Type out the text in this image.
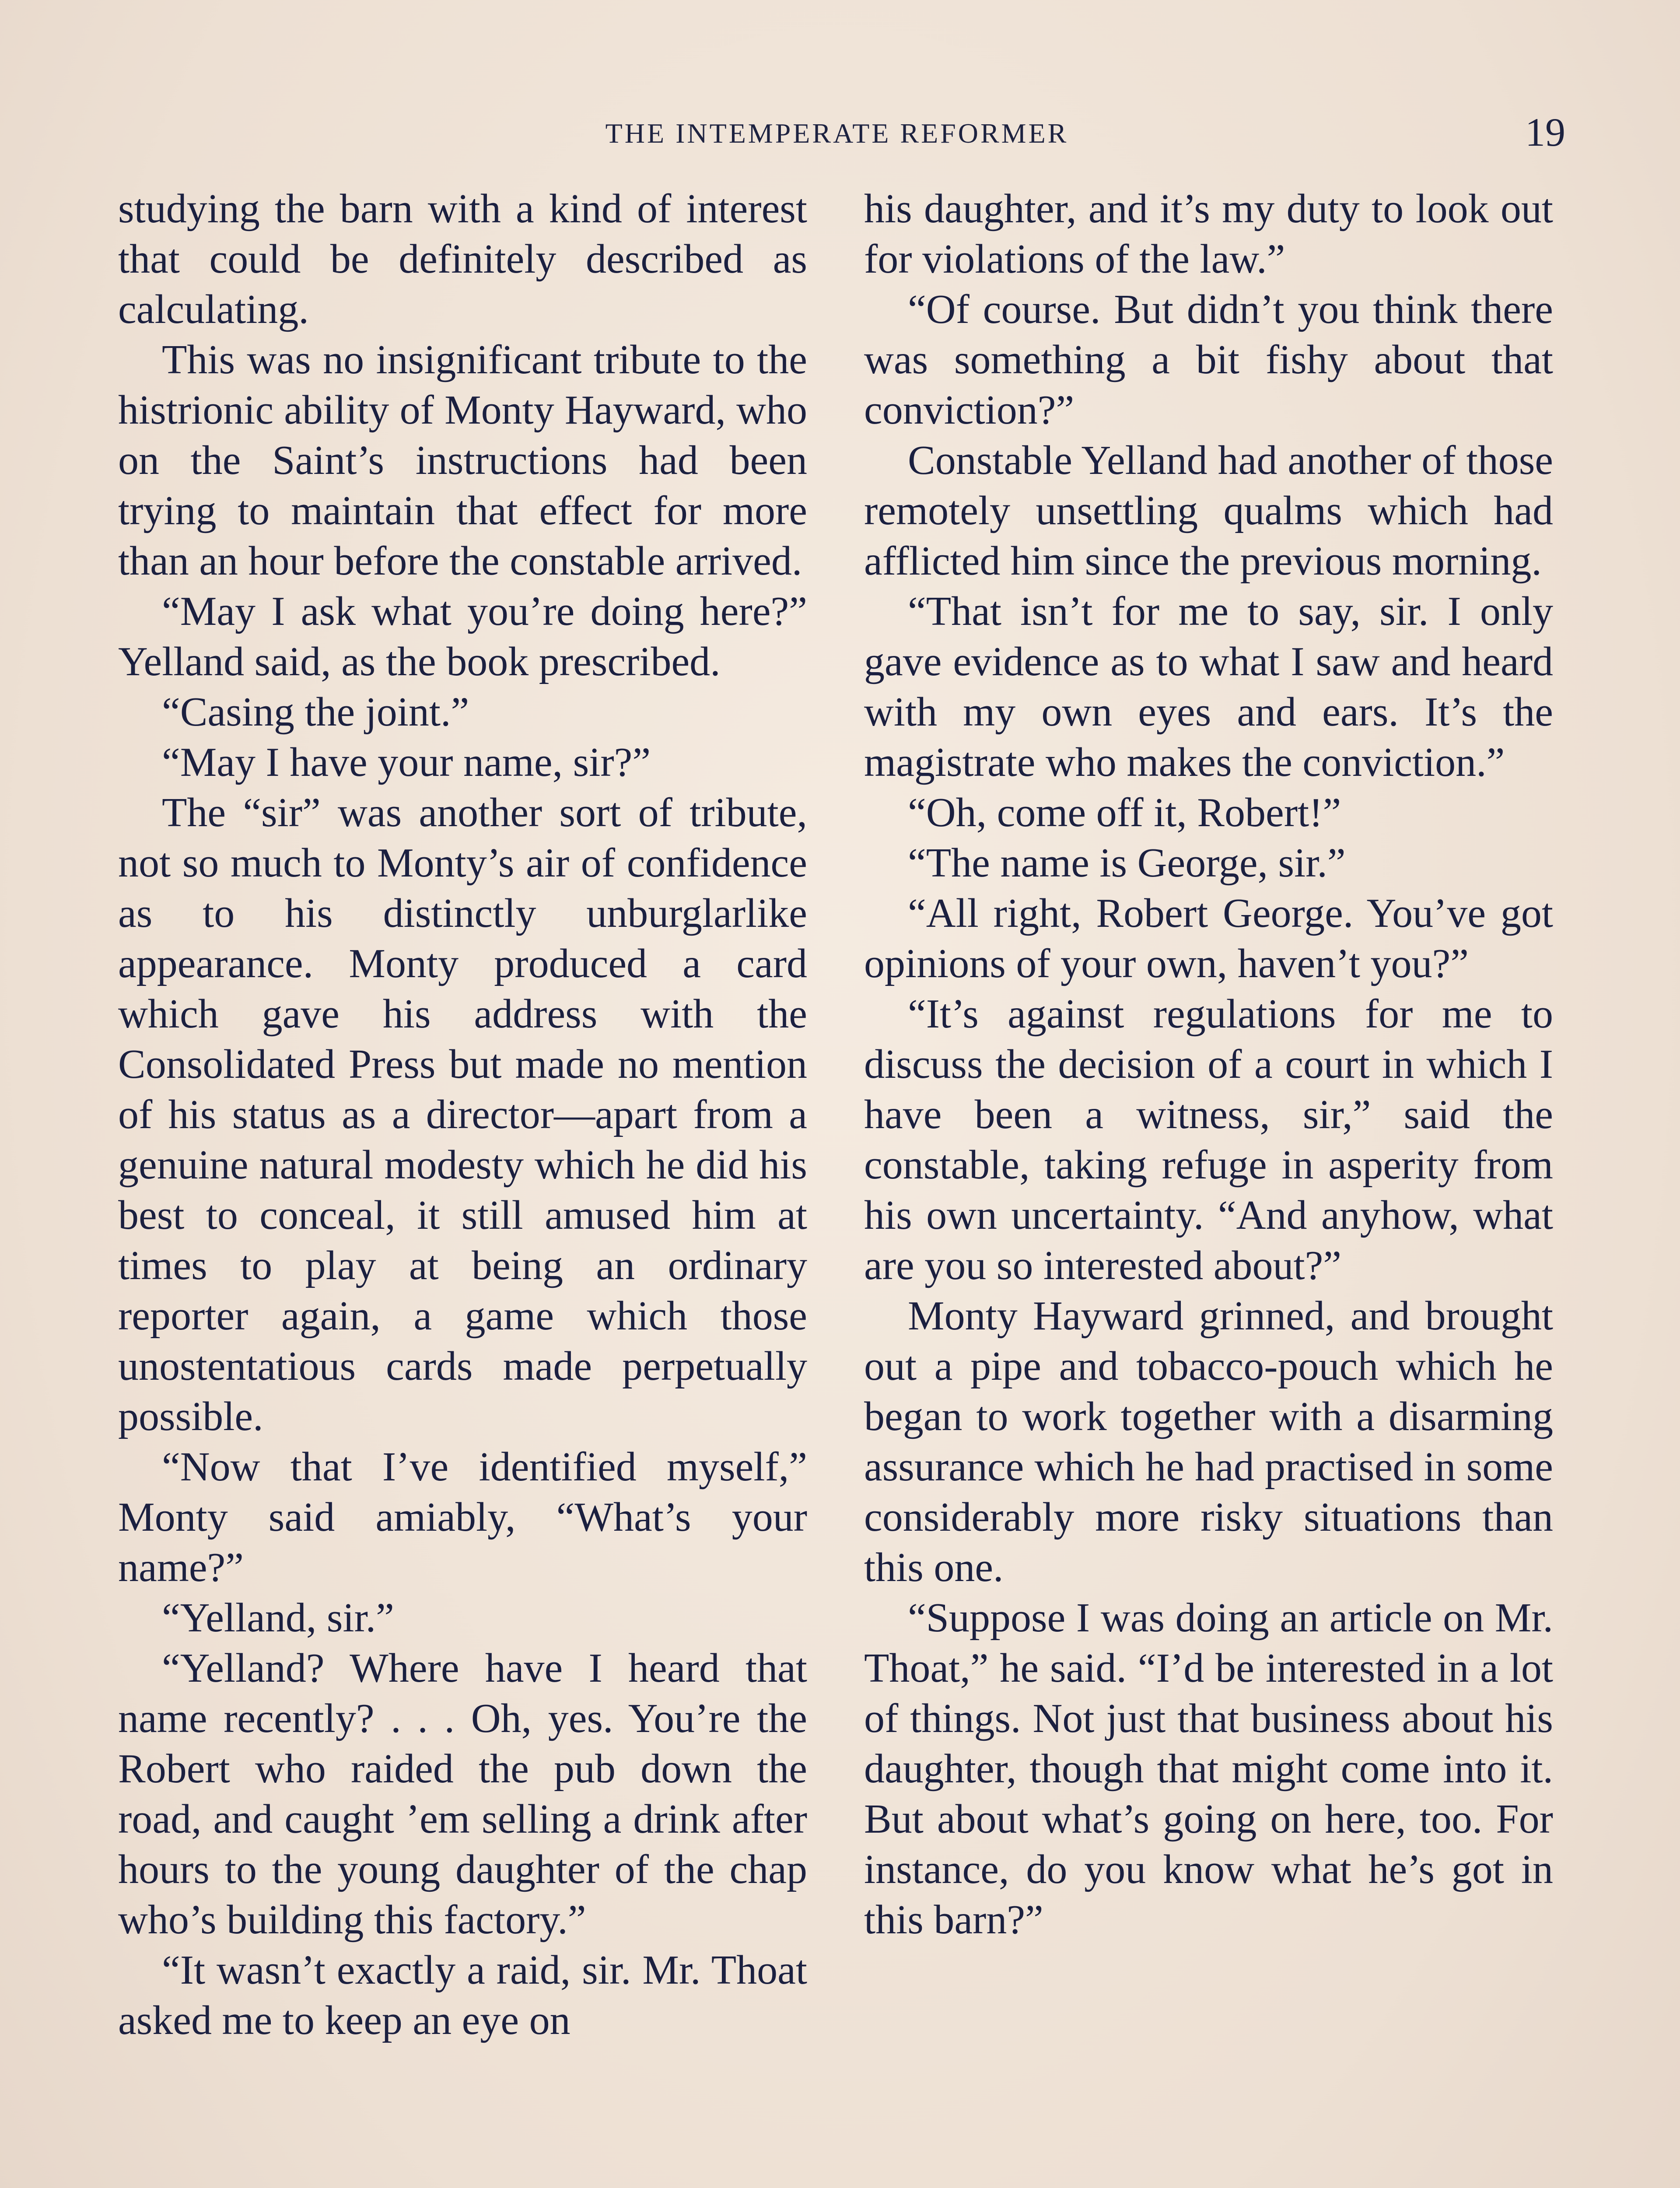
THE INTEMPERATE REFORMER	19

studying the barn with a kind of interest that could be definitely described as calculating.

This was no insignificant tribute to the histrionic ability of Monty Hayward, who on the Saint’s instructions had been trying to maintain that effect for more than an hour before the constable arrived.

“May I ask what you’re doing here?” Yelland said, as the book prescribed.

“Casing the joint.”

“May I have your name, sir?”

The “sir” was another sort of tribute, not so much to Monty’s air of confidence as to his distinctly unburglarlike appearance. Monty produced a card which gave his address with the Consolidated Press but made no mention of his status as a director—apart from a genuine natural modesty which he did his best to conceal, it still amused him at times to play at being an ordinary reporter again, a game which those unostentatious cards made perpetually possible.

“Now that I’ve identified myself,” Monty said amiably, “What’s your name?”

“Yelland, sir.”

“Yelland? Where have I heard that name recently? . . . Oh, yes. You’re the Robert who raided the pub down the road, and caught ’em selling a drink after hours to the young daughter of the chap who’s building this factory.”

“It wasn’t exactly a raid, sir. Mr. Thoat asked me to keep an eye on

his daughter, and it’s my duty to look out for violations of the law.”

“Of course. But didn’t you think there was something a bit fishy about that conviction?”

Constable Yelland had another of those remotely unsettling qualms which had afflicted him since the previous morning.

“That isn’t for me to say, sir. I only gave evidence as to what I saw and heard with my own eyes and ears. It’s the magistrate who makes the conviction.”

“Oh, come off it, Robert!”

“The name is George, sir.”

“All right, Robert George. You’ve got opinions of your own, haven’t you?”

“It’s against regulations for me to discuss the decision of a court in which I have been a witness, sir,” said the constable, taking refuge in asperity from his own uncertainty. “And anyhow, what are you so interested about?”

Monty Hayward grinned, and brought out a pipe and tobacco-pouch which he began to work together with a disarming assurance which he had practised in some considerably more risky situations than this one.

“Suppose I was doing an article on Mr. Thoat,” he said. “I’d be interested in a lot of things. Not just that business about his daughter, though that might come into it. But about what’s going on here, too. For instance, do you know what he’s got in this barn?”
